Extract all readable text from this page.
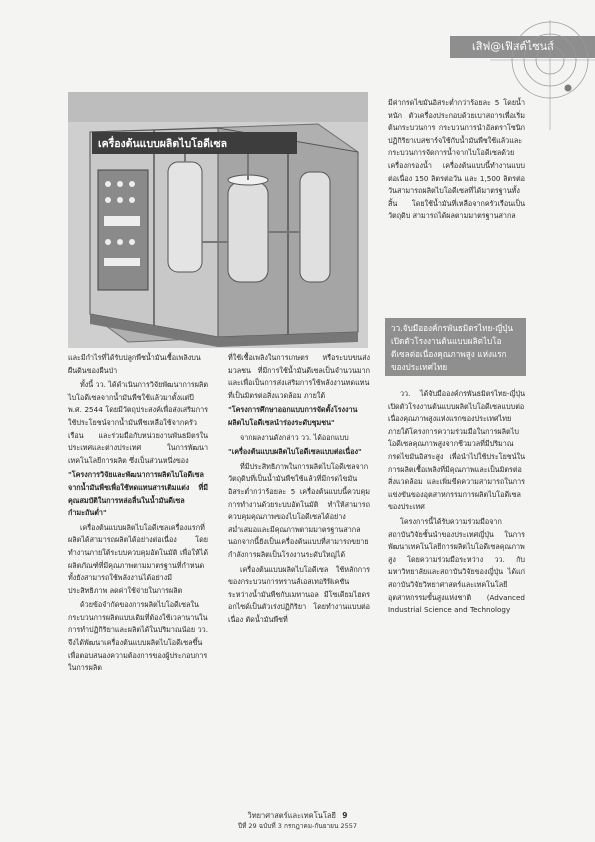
เสิฟ@เฟิสต์ไซนส์
เครื่องต้นแบบผลิตไบโอดีเซล

มีค่ากรดไขมันอิสระต่ำกว่าร้อยละ 5 โดยน้ำหนัก ตัวเครื่องประกอบด้วยเบาสถารเพื่อเริ่มต้นกระบวนการ กระบวนการนำอัลตราโซนิก ปฏิกิริยาเบสชาร์จใช้กับน้ำมันพืชใช้แล้วและกระบวนการจัดการน้ำจากไบโอดีเซลด้วยเครื่องกรองน้ำ เครื่องต้นแบบนี้ทำงานแบบต่อเนื่อง 150 ลิตรต่อวัน และ 1,500 ลิตรต่อวันสามารถผลิตไบโอดีเซลที่ได้มาตรฐานทั้งสิ้น โดยใช้น้ำมันที่เหลือจากครัวเรือนเป็นวัตถุดิบ สามารถได้ผลตามมาตรฐานสากล

วว.จับมือองค์กรพันธมิตรไทย-ญี่ปุ่น เปิดตัวโรงงานต้นแบบผลิตไบโอดีเซลต่อเนื่องคุณภาพสูง แห่งแรกของประเทศไทย

และมีกำไรที่ได้รับปลูกพืชน้ำมันเชื้อเพลิงบนผืนดินของผืนป่า

ทั้งนี้ วว. ได้ดำเนินการวิจัยพัฒนาการผลิตไบโอดีเซลจากน้ำมันพืชใช้แล้วมาตั้งแต่ปี พ.ศ. 2544 โดยมีวัตถุประสงค์เพื่อส่งเสริมการใช้ประโยชน์จากน้ำมันพืชเหลือใช้จากครัวเรือน และร่วมมือกับหน่วยงานพันธมิตรในประเทศและต่างประเทศ ในการพัฒนาเทคโนโลยีการผลิต ซึ่งเป็นส่วนหนึ่งของ

"โครงการวิจัยและพัฒนาการผลิตไบโอดีเซลจากน้ำมันพืชเพื่อใช้ทดแทนสารเติมแต่ง ที่มีคุณสมบัติในการหล่อลื่นในน้ำมันดีเซลกำมะถันต่ำ"

เครื่องต้นแบบผลิตไบโอดีเซลเครื่องแรกที่ผลิตได้สามารถผลิตได้อย่างต่อเนื่อง โดยทำงานภายใต้ระบบควบคุมอัตโนมัติ เพื่อให้ได้ผลิตภัณฑ์ที่มีคุณภาพตามมาตรฐานที่กำหนด ทั้งยังสามารถใช้พลังงานได้อย่างมีประสิทธิภาพ ลดค่าใช้จ่ายในการผลิต

ด้วยข้อจำกัดของการผลิตไบโอดีเซลในกระบวนการผลิตแบบเดิมที่ต้องใช้เวลานานในการทำปฏิกิริยาและผลิตได้ในปริมาณน้อย วว. จึงได้พัฒนาเครื่องต้นแบบผลิตไบโอดีเซลขึ้น เพื่อตอบสนองความต้องการของผู้ประกอบการในการผลิต

ที่ใช้เชื้อเพลิงในการเกษตร หรือระบบขนส่งมวลชน ที่มีการใช้น้ำมันดีเซลเป็นจำนวนมาก และเพื่อเป็นการส่งเสริมการใช้พลังงานทดแทนที่เป็นมิตรต่อสิ่งแวดล้อม ภายใต้

"โครงการศึกษาออกแบบการจัดตั้งโรงงานผลิตไบโอดีเซลนำร่องระดับชุมชน"

จากผลงานดังกล่าว วว. ได้ออกแบบ

"เครื่องต้นแบบผลิตไบโอดีเซลแบบต่อเนื่อง"

ที่มีประสิทธิภาพในการผลิตไบโอดีเซลจากวัตถุดิบที่เป็นน้ำมันพืชใช้แล้วที่มีกรดไขมันอิสระต่ำกว่าร้อยละ 5 เครื่องต้นแบบนี้ควบคุมการทำงานด้วยระบบอัตโนมัติ ทำให้สามารถควบคุมคุณภาพของไบโอดีเซลได้อย่างสม่ำเสมอและมีคุณภาพตามมาตรฐานสากล นอกจากนี้ยังเป็นเครื่องต้นแบบที่สามารถขยายกำลังการผลิตเป็นโรงงานระดับใหญ่ได้

เครื่องต้นแบบผลิตไบโอดีเซล ใช้หลักการของกระบวนการทรานส์เอสเทอริฟิเคชันระหว่างน้ำมันพืชกับเมทานอล มีโซเดียมไฮดรอกไซด์เป็นตัวเร่งปฏิกิริยา โดยทำงานแบบต่อเนื่อง ตัดน้ำมันพืชที่

วว. ได้จับมือองค์กรพันธมิตรไทย-ญี่ปุ่น เปิดตัวโรงงานต้นแบบผลิตไบโอดีเซลแบบต่อเนื่องคุณภาพสูงแห่งแรกของประเทศไทย ภายใต้โครงการความร่วมมือในการผลิตไบโอดีเซลคุณภาพสูงจากชีวมวลที่มีปริมาณกรดไขมันอิสระสูง เพื่อนำไปใช้ประโยชน์ในการผลิตเชื้อเพลิงที่มีคุณภาพและเป็นมิตรต่อสิ่งแวดล้อม และเพิ่มขีดความสามารถในการแข่งขันของอุตสาหกรรมการผลิตไบโอดีเซลของประเทศ

โครงการนี้ได้รับความร่วมมือจากสถาบันวิจัยชั้นนำของประเทศญี่ปุ่น ในการพัฒนาเทคโนโลยีการผลิตไบโอดีเซลคุณภาพสูง โดยความร่วมมือระหว่าง วว. กับมหาวิทยาลัยและสถาบันวิจัยของญี่ปุ่น ได้แก่ สถาบันวิจัยวิทยาศาสตร์และเทคโนโลยีอุตสาหกรรมขั้นสูงแห่งชาติ (Advanced Industrial Science and Technology

วิทยาศาสตร์และเทคโนโลยี 9
ปีที่ 29 ฉบับที่ 3 กรกฎาคม-กันยายน 2557
